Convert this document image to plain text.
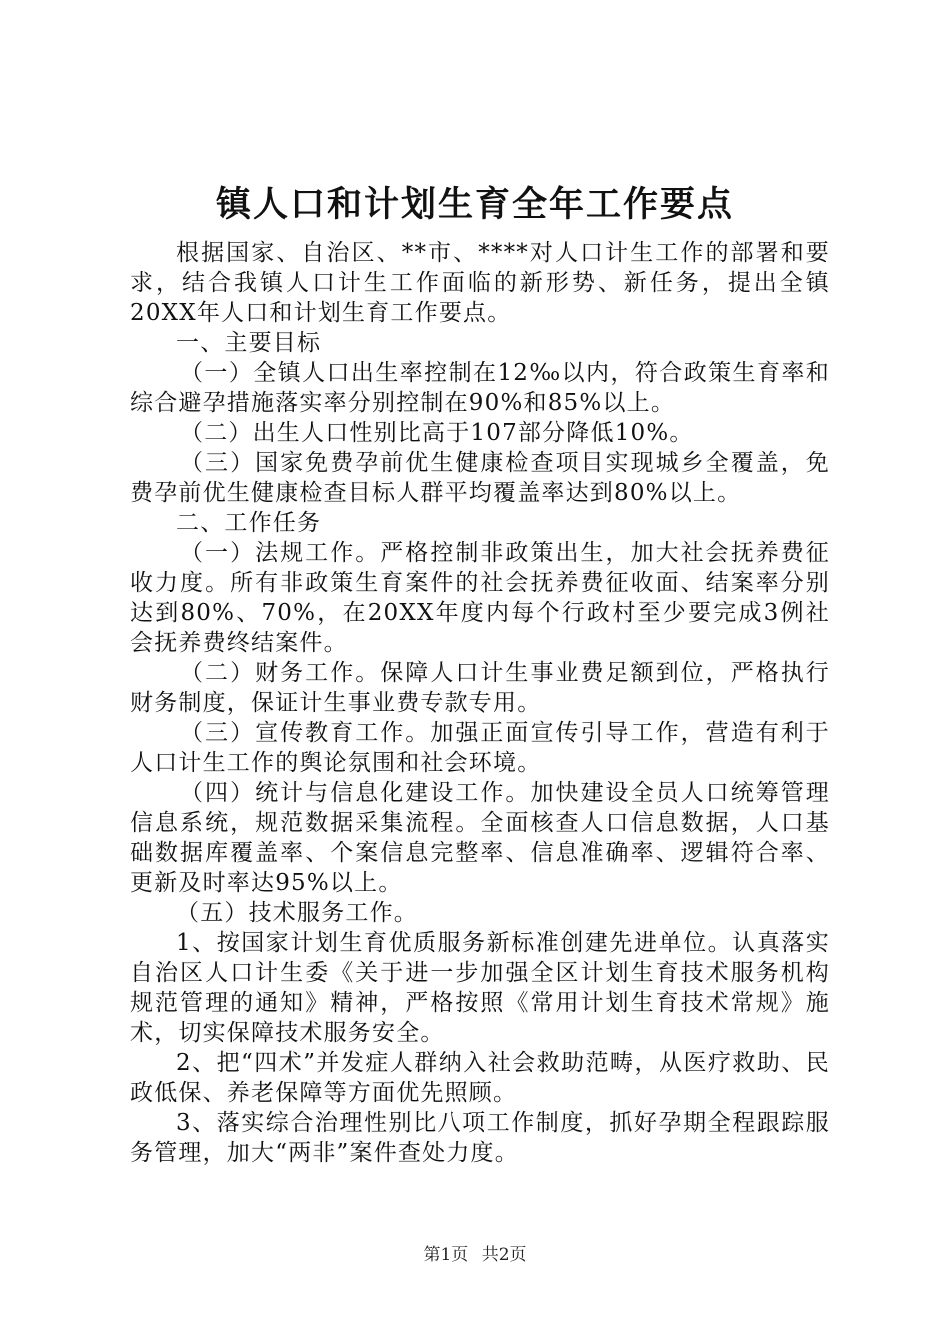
镇人口和计划生育全年工作要点

根据国家、自治区、**市、****对人口计生工作的部署和要求，结合我镇人口计生工作面临的新形势、新任务，提出全镇20XX年人口和计划生育工作要点。

一、主要目标

（一）全镇人口出生率控制在12‰以内，符合政策生育率和综合避孕措施落实率分别控制在90%和85%以上。

（二）出生人口性别比高于107部分降低10%。

（三）国家免费孕前优生健康检查项目实现城乡全覆盖，免费孕前优生健康检查目标人群平均覆盖率达到80%以上。

二、工作任务

（一）法规工作。严格控制非政策出生，加大社会抚养费征收力度。所有非政策生育案件的社会抚养费征收面、结案率分别达到80%、70%，在20XX年度内每个行政村至少要完成3例社会抚养费终结案件。

（二）财务工作。保障人口计生事业费足额到位，严格执行财务制度，保证计生事业费专款专用。

（三）宣传教育工作。加强正面宣传引导工作，营造有利于人口计生工作的舆论氛围和社会环境。

（四）统计与信息化建设工作。加快建设全员人口统筹管理信息系统，规范数据采集流程。全面核查人口信息数据，人口基础数据库覆盖率、个案信息完整率、信息准确率、逻辑符合率、更新及时率达95%以上。

（五）技术服务工作。

1、按国家计划生育优质服务新标准创建先进单位。认真落实自治区人口计生委《关于进一步加强全区计划生育技术服务机构规范管理的通知》精神，严格按照《常用计划生育技术常规》施术，切实保障技术服务安全。

2、把“四术”并发症人群纳入社会救助范畴，从医疗救助、民政低保、养老保障等方面优先照顾。

3、落实综合治理性别比八项工作制度，抓好孕期全程跟踪服务管理，加大“两非”案件查处力度。

第1页 共2页
